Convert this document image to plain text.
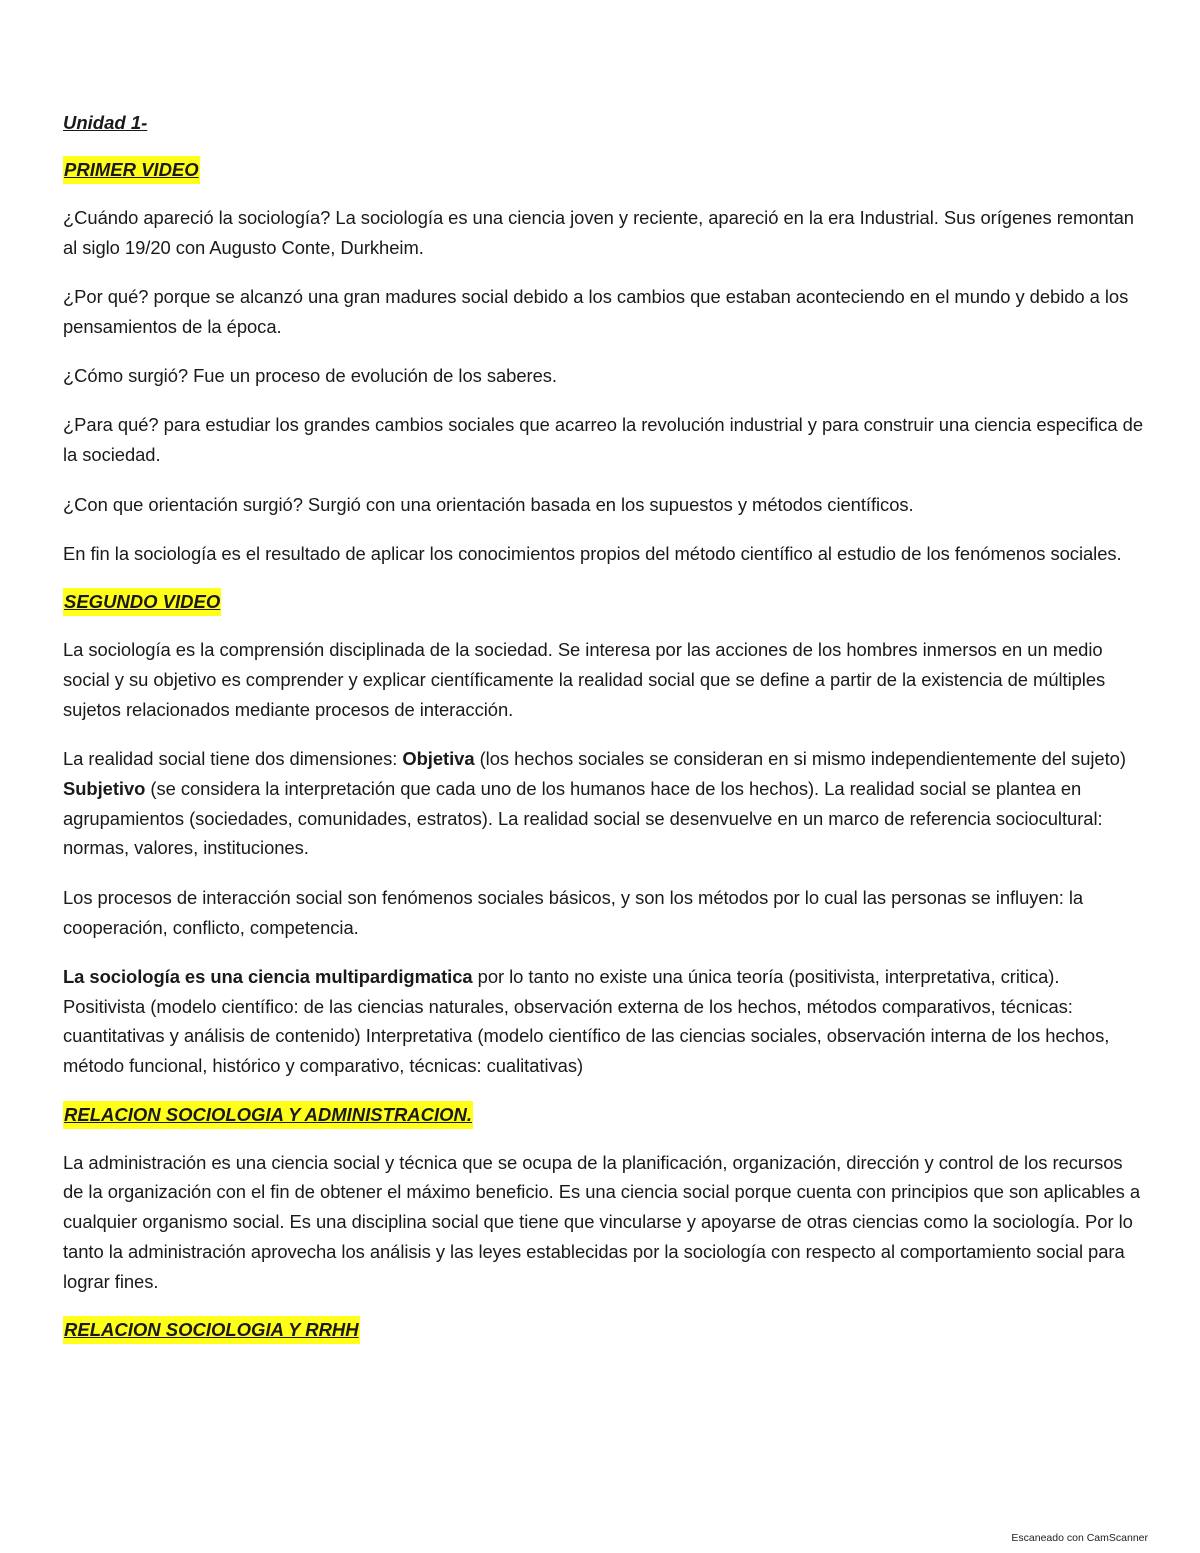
Unidad 1-
PRIMER VIDEO

¿Cuándo apareció la sociología? La sociología es una ciencia joven y reciente, apareció en la era Industrial. Sus orígenes remontan al siglo 19/20 con Augusto Conte, Durkheim.

¿Por qué? porque se alcanzó una gran madures social debido a los cambios que estaban aconteciendo en el mundo y debido a los pensamientos de la época.

¿Cómo surgió? Fue un proceso de evolución de los saberes.

¿Para qué? para estudiar los grandes cambios sociales que acarreo la revolución industrial y para construir una ciencia especifica de la sociedad.

¿Con que orientación surgió? Surgió con una orientación basada en los supuestos y métodos científicos.

En fin la sociología es el resultado de aplicar los conocimientos propios del método científico al estudio de los fenómenos sociales.

SEGUNDO VIDEO

La sociología es la comprensión disciplinada de la sociedad. Se interesa por las acciones de los hombres inmersos en un medio social y su objetivo es comprender y explicar científicamente la realidad social que se define a partir de la existencia de múltiples sujetos relacionados mediante procesos de interacción.

La realidad social tiene dos dimensiones: Objetiva (los hechos sociales se consideran en si mismo independientemente del sujeto) Subjetivo (se considera la interpretación que cada uno de los humanos hace de los hechos). La realidad social se plantea en agrupamientos (sociedades, comunidades, estratos). La realidad social se desenvuelve en un marco de referencia sociocultural: normas, valores, instituciones.

Los procesos de interacción social son fenómenos sociales básicos, y son los métodos por lo cual las personas se influyen: la cooperación, conflicto, competencia.

La sociología es una ciencia multipardigmatica por lo tanto no existe una única teoría (positivista, interpretativa, critica). Positivista (modelo científico: de las ciencias naturales, observación externa de los hechos, métodos comparativos, técnicas: cuantitativas y análisis de contenido) Interpretativa (modelo científico de las ciencias sociales, observación interna de los hechos, método funcional, histórico y comparativo, técnicas: cualitativas)

RELACION SOCIOLOGIA Y ADMINISTRACION.

La administración es una ciencia social y técnica que se ocupa de la planificación, organización, dirección y control de los recursos de la organización con el fin de obtener el máximo beneficio. Es una ciencia social porque cuenta con principios que son aplicables a cualquier organismo social. Es una disciplina social que tiene que vincularse y apoyarse de otras ciencias como la sociología. Por lo tanto la administración aprovecha los análisis y las leyes establecidas por la sociología con respecto al comportamiento social para lograr fines.

RELACION SOCIOLOGIA Y RRHH
Escaneado con CamScanner
